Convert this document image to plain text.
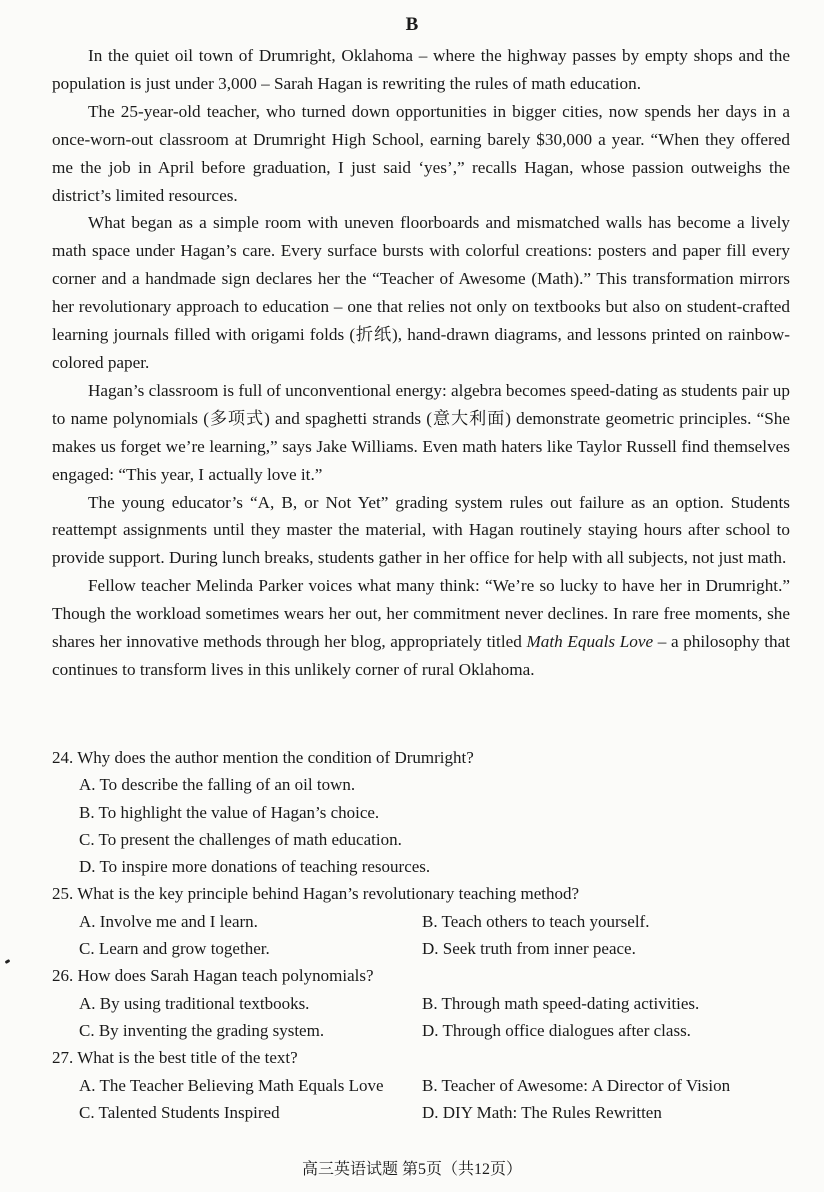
B

In the quiet oil town of Drumright, Oklahoma – where the highway passes by empty shops and the population is just under 3,000 – Sarah Hagan is rewriting the rules of math education.

The 25-year-old teacher, who turned down opportunities in bigger cities, now spends her days in a once-worn-out classroom at Drumright High School, earning barely $30,000 a year. “When they offered me the job in April before graduation, I just said ‘yes’,” recalls Hagan, whose passion outweighs the district’s limited resources.

What began as a simple room with uneven floorboards and mismatched walls has become a lively math space under Hagan’s care. Every surface bursts with colorful creations: posters and paper fill every corner and a handmade sign declares her the “Teacher of Awesome (Math).” This transformation mirrors her revolutionary approach to education – one that relies not only on textbooks but also on student-crafted learning journals filled with origami folds (折纸), hand-drawn diagrams, and lessons printed on rainbow-colored paper.

Hagan’s classroom is full of unconventional energy: algebra becomes speed-dating as students pair up to name polynomials (多项式) and spaghetti strands (意大利面) demonstrate geometric principles. “She makes us forget we’re learning,” says Jake Williams. Even math haters like Taylor Russell find themselves engaged: “This year, I actually love it.”

The young educator’s “A, B, or Not Yet” grading system rules out failure as an option. Students reattempt assignments until they master the material, with Hagan routinely staying hours after school to provide support. During lunch breaks, students gather in her office for help with all subjects, not just math.

Fellow teacher Melinda Parker voices what many think: “We’re so lucky to have her in Drumright.” Though the workload sometimes wears her out, her commitment never declines. In rare free moments, she shares her innovative methods through her blog, appropriately titled Math Equals Love – a philosophy that continues to transform lives in this unlikely corner of rural Oklahoma.

24. Why does the author mention the condition of Drumright?

A. To describe the falling of an oil town.

B. To highlight the value of Hagan’s choice.

C. To present the challenges of math education.

D. To inspire more donations of teaching resources.

25. What is the key principle behind Hagan’s revolutionary teaching method?

A. Involve me and I learn.	B. Teach others to teach yourself.
C. Learn and grow together.	D. Seek truth from inner peace.

26. How does Sarah Hagan teach polynomials?

A. By using traditional textbooks.	B. Through math speed-dating activities.
C. By inventing the grading system.	D. Through office dialogues after class.

27. What is the best title of the text?

A. The Teacher Believing Math Equals Love	B. Teacher of Awesome: A Director of Vision
C. Talented Students Inspired	D. DIY Math: The Rules Rewritten
高三英语试题 第5页（共12页）
